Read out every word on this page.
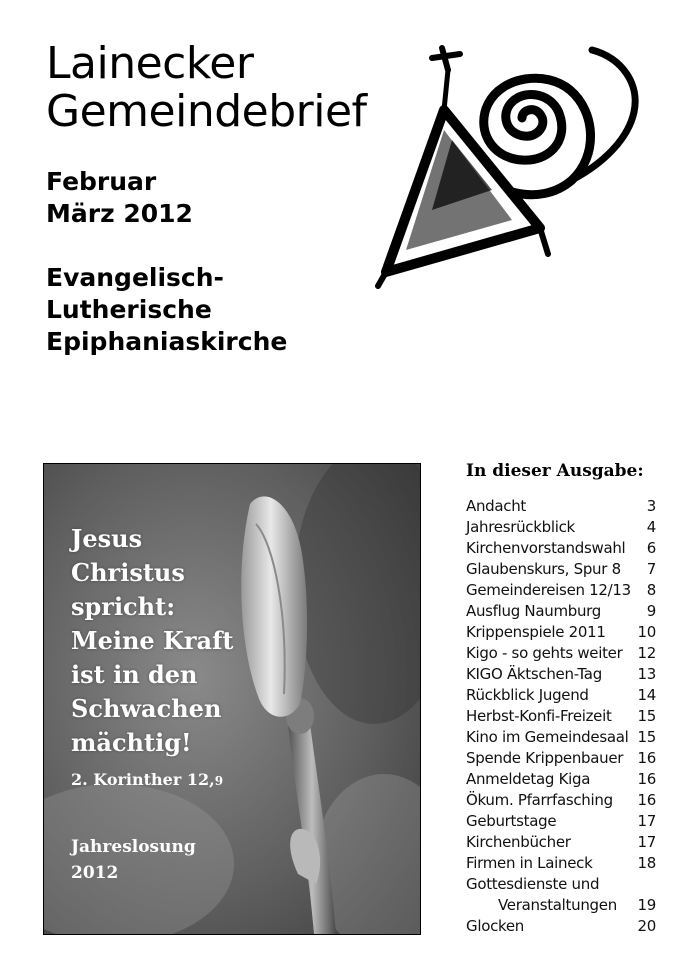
Lainecker
Gemeindebrief
Februar
März 2012
Evangelisch-
Lutherische
Epiphaniaskirche
Jesus
Christus
spricht:
Meine Kraft
ist in den
Schwachen
mächtig!
2. Korinther 12,9
Jahreslosung
2012
In dieser Ausgabe:
Andacht	3
Jahresrückblick	4
Kirchenvorstandswahl 6
Glaubenskurs, Spur 8 7
Gemeindereisen 12/13 8
Ausflug Naumburg	9
Krippenspiele 2011 10
Kigo - so gehts weiter 12
KIGO Äktschen-Tag 13
Rückblick Jugend	14
Herbst-Konfi-Freizeit 15
Kino im Gemeindesaal 15
Spende Krippenbauer 16
Anmeldetag Kiga	16
Ökum. Pfarrfasching 16
Geburtstage	17
Kirchenbücher	17
Firmen in Laineck	18
Gottesdienste und
Veranstaltungen 19
Glocken	20
